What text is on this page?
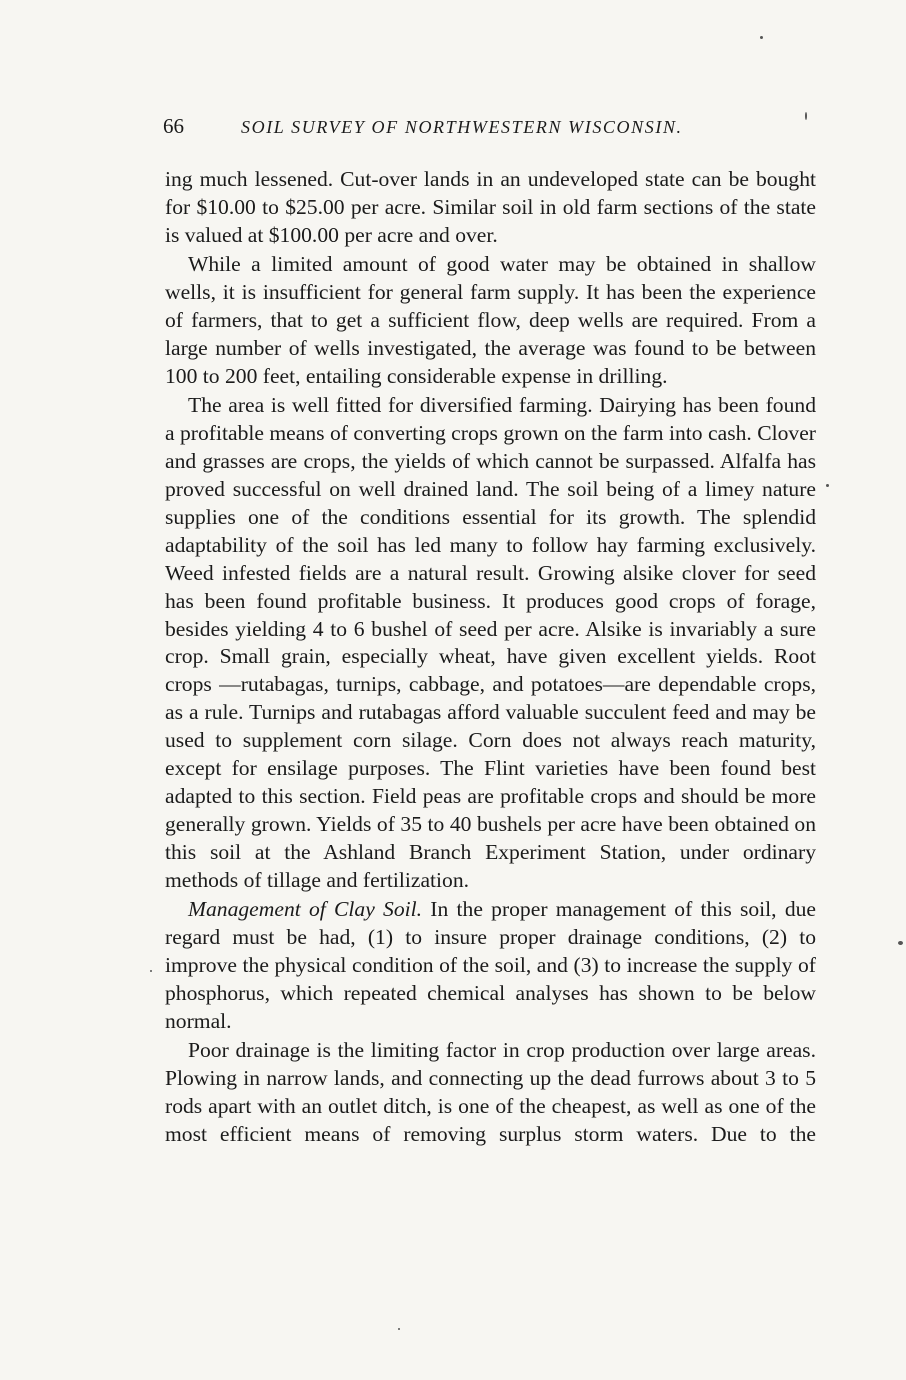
66	SOIL SURVEY OF NORTHWESTERN WISCONSIN.

ing much lessened. Cut-over lands in an undeveloped state can be bought for $10.00 to $25.00 per acre. Similar soil in old farm sections of the state is valued at $100.00 per acre and over.

While a limited amount of good water may be obtained in shallow wells, it is insufficient for general farm supply. It has been the experience of farmers, that to get a sufficient flow, deep wells are required. From a large number of wells investigated, the average was found to be between 100 to 200 feet, entailing considerable expense in drilling.

The area is well fitted for diversified farming. Dairying has been found a profitable means of converting crops grown on the farm into cash. Clover and grasses are crops, the yields of which cannot be surpassed. Alfalfa has proved successful on well drained land. The soil being of a limey nature supplies one of the conditions essential for its growth. The splendid adaptability of the soil has led many to follow hay farming exclusively. Weed infested fields are a natural result. Growing alsike clover for seed has been found profitable business. It produces good crops of forage, besides yielding 4 to 6 bushel of seed per acre. Alsike is invariably a sure crop. Small grain, especially wheat, have given excellent yields. Root crops —rutabagas, turnips, cabbage, and potatoes—are dependable crops, as a rule. Turnips and rutabagas afford valuable succulent feed and may be used to supplement corn silage. Corn does not always reach maturity, except for ensilage purposes. The Flint varieties have been found best adapted to this section. Field peas are profitable crops and should be more generally grown. Yields of 35 to 40 bushels per acre have been obtained on this soil at the Ashland Branch Experiment Station, under ordinary methods of tillage and fertilization.

Management of Clay Soil. In the proper management of this soil, due regard must be had, (1) to insure proper drainage conditions, (2) to improve the physical condition of the soil, and (3) to increase the supply of phosphorus, which repeated chemical analyses has shown to be below normal.

Poor drainage is the limiting factor in crop production over large areas. Plowing in narrow lands, and connecting up the dead furrows about 3 to 5 rods apart with an outlet ditch, is one of the cheapest, as well as one of the most efficient means of removing surplus storm waters. Due to the
